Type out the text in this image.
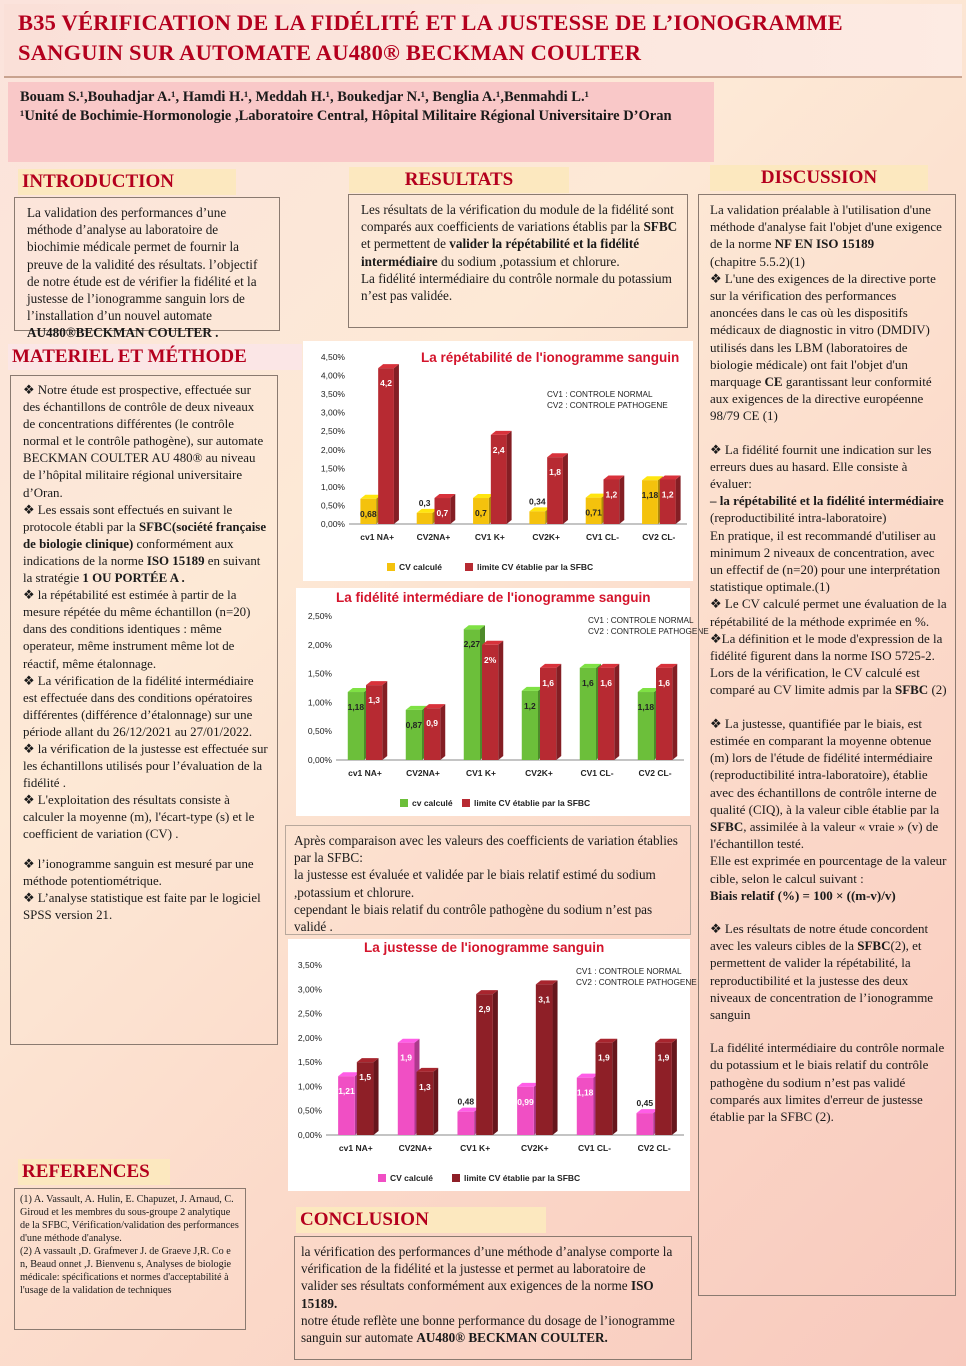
B35 VÉRIFICATION DE LA FIDÉLITÉ ET LA JUSTESSE DE L’IONOGRAMME
SANGUIN SUR AUTOMATE AU480® BECKMAN COULTER
Bouam S.¹,Bouhadjar A.¹, Hamdi H.¹, Meddah H.¹, Boukedjar N.¹, Benglia A.¹,Benmahdi L.¹
¹Unité de Bochimie-Hormonologie ,Laboratoire Central, Hôpital Militaire Régional Universitaire D’Oran
INTRODUCTION

La validation des performances d’une méthode d’analyse au laboratoire de biochimie médicale permet de fournir la preuve de la validité des résultats. l’objectif de notre étude est de vérifier la fidélité et la justesse de l’ionogramme sanguin lors de l’installation d’un nouvel automate AU480®BECKMAN COULTER .

MATERIEL ET MÉTHODE

❖ Notre étude est prospective, effectuée sur des échantillons de contrôle de deux niveaux de concentrations différentes (le contrôle normal et le contrôle pathogène), sur automate BECKMAN COULTER AU 480® au niveau de l’hôpital militaire régional universitaire d’Oran.

❖ Les essais sont effectués en suivant le protocole établi par la SFBC(société française de biologie clinique) conformément aux indications de la norme ISO 15189 en suivant la stratégie 1 OU PORTÉE A .

❖ la répétabilité est estimée à partir de la mesure répétée du même échantillon (n=20) dans des conditions identiques : même operateur, même instrument même lot de réactif, même étalonnage.

❖ La vérification de la fidélité intermédiaire est effectuée dans des conditions opératoires différentes (différence d’étalonnage) sur une période allant du 26/12/2021 au 27/01/2022.

❖ la vérification de la justesse est effectuée sur les échantillons utilisés pour l’évaluation de la fidélité .

❖ L'exploitation des résultats consiste à calculer la moyenne (m), l'écart-type (s) et le coefficient de variation (CV) .

❖ l’ionogramme sanguin est mesuré par une méthode potentiométrique.

❖ L’analyse statistique est faite par le logiciel SPSS version 21.

RESULTATS

Les résultats de la vérification du module de la fidélité sont comparés aux coefficients de variations établis par la SFBC et permettent de valider la répétabilité et la fidélité intermédiaire du sodium ,potassium et chlorure.

La fidélité intermédiaire du contrôle normale du potassium n’est pas validée.

La répétabilité de l'ionogramme sanguin
CV1 : CONTROLE NORMAL
CV2 : CONTROLE PATHOGENE
0,00%
0,50%
1,00%
1,50%
2,00%
2,50%
3,00%
3,50%
4,00%
4,50%
cv1 NA+
0,68
4,2
CV2NA+
0,3
0,7
CV1 K+
0,7
2,4
CV2K+
0,34
1,8
CV1 CL-
0,71
1,2
CV2 CL-
1,18 1,2
CV calculé	limite CV établie par la SFBC
La fidélité intermédiare de l'ionogramme sanguin
CV1 : CONTROLE NORMAL
CV2 : CONTROLE PATHOGENE
0,00%
0,50%
1,00%
1,50%
2,00%
2,50%
cv1 NA+
1,18
1,3
CV2NA+
0,87 0,9
CV1 K+
2,27
2%
CV2K+
1,2
1,6
CV1 CL-
1,6 1,6
CV2 CL-
1,18
1,6
cv calculé	limite CV établie par la SFBC

Après comparaison avec les valeurs des coefficients de variation établies par la SFBC:

la justesse est évaluée et validée par le biais relatif estimé du sodium ,potassium et chlorure.

cependant le biais relatif du contrôle pathogène du sodium n’est pas validé .

La justesse de l'ionogramme sanguin
CV1 : CONTROLE NORMAL
CV2 : CONTROLE PATHOGENE
0,00%
0,50%
1,00%
1,50%
2,00%
2,50%
3,00%
3,50%
cv1 NA+
1,21
1,5
CV2NA+
1,9
1,3
CV1 K+
0,48
2,9
CV2K+
0,99
3,1
CV1 CL-
1,18
1,9
CV2 CL-
0,45
1,9
CV calculé	limite CV établie par la SFBC
DISCUSSION

La validation préalable à l'utilisation d'une méthode d'analyse fait l'objet d'une exigence

de la norme NF EN ISO 15189

(chapitre 5.5.2)(1)

❖ L'une des exigences de la directive porte sur la vérification des performances anoncées dans le cas où les dispositifs médicaux de diagnostic in vitro (DMDIV) utilisés dans les LBM (laboratoires de biologie médicale) ont fait l'objet d'un marquage CE garantissant leur conformité aux exigences de la directive européenne 98/79 CE (1)

❖ La fidélité fournit une indication sur les erreurs dues au hasard. Elle consiste à évaluer:

– la répétabilité et la fidélité intermédiaire (reproductibilité intra-laboratoire)

En pratique, il est recommandé d'utiliser au minimum 2 niveaux de concentration, avec un effectif de (n=20) pour une interprétation statistique optimale.(1)

❖ Le CV calculé permet une évaluation de la répétabilité de la méthode exprimée en %.

❖La définition et le mode d'expression de la fidélité figurent dans la norme ISO 5725-2. Lors de la vérification, le CV calculé est comparé au CV limite admis par la SFBC (2)

❖ La justesse, quantifiée par le biais, est estimée en comparant la moyenne obtenue (m) lors de l'étude de fidélité intermédiaire (reproductibilité intra-laboratoire), établie avec des échantillons de contrôle interne de qualité (CIQ), à la valeur cible établie par la SFBC, assimilée à la valeur « vraie » (v) de l'échantillon testé.

Elle est exprimée en pourcentage de la valeur cible, selon le calcul suivant :

Biais relatif (%) = 100 × ((m-v)/v)

❖ Les résultats de notre étude concordent avec les valeurs cibles de la SFBC(2), et permettent de valider la répétabilité, la reproductibilité et la justesse des deux niveaux de concentration de l’ionogramme sanguin

La fidélité intermédiaire du contrôle normale du potassium et le biais relatif du contrôle pathogène du sodium n’est pas validé comparés aux limites d'erreur de justesse établie par la SFBC (2).

REFERENCES

(1) A. Vassault, A. Hulin, E. Chapuzet, J. Arnaud, C. Giroud et les membres du sous-groupe 2 analytique de la SFBC, Vérification/validation des performances d'une méthode d'analyse.

(2) A vassault ,D. Grafmever J. de Graeve J,R. Co e n, Beaud onnet ,J. Bienvenu s, Analyses de biologie médicale: spécifications et normes d'acceptabilité à l'usage de la validation de techniques

CONCLUSION

la vérification des performances d’une méthode d’analyse comporte la vérification de la fidélité et la justesse et permet au laboratoire de valider ses résultats conformément aux exigences de la norme ISO 15189.

notre étude reflète une bonne performance du dosage de l’ionogramme sanguin sur automate AU480® BECKMAN COULTER.
